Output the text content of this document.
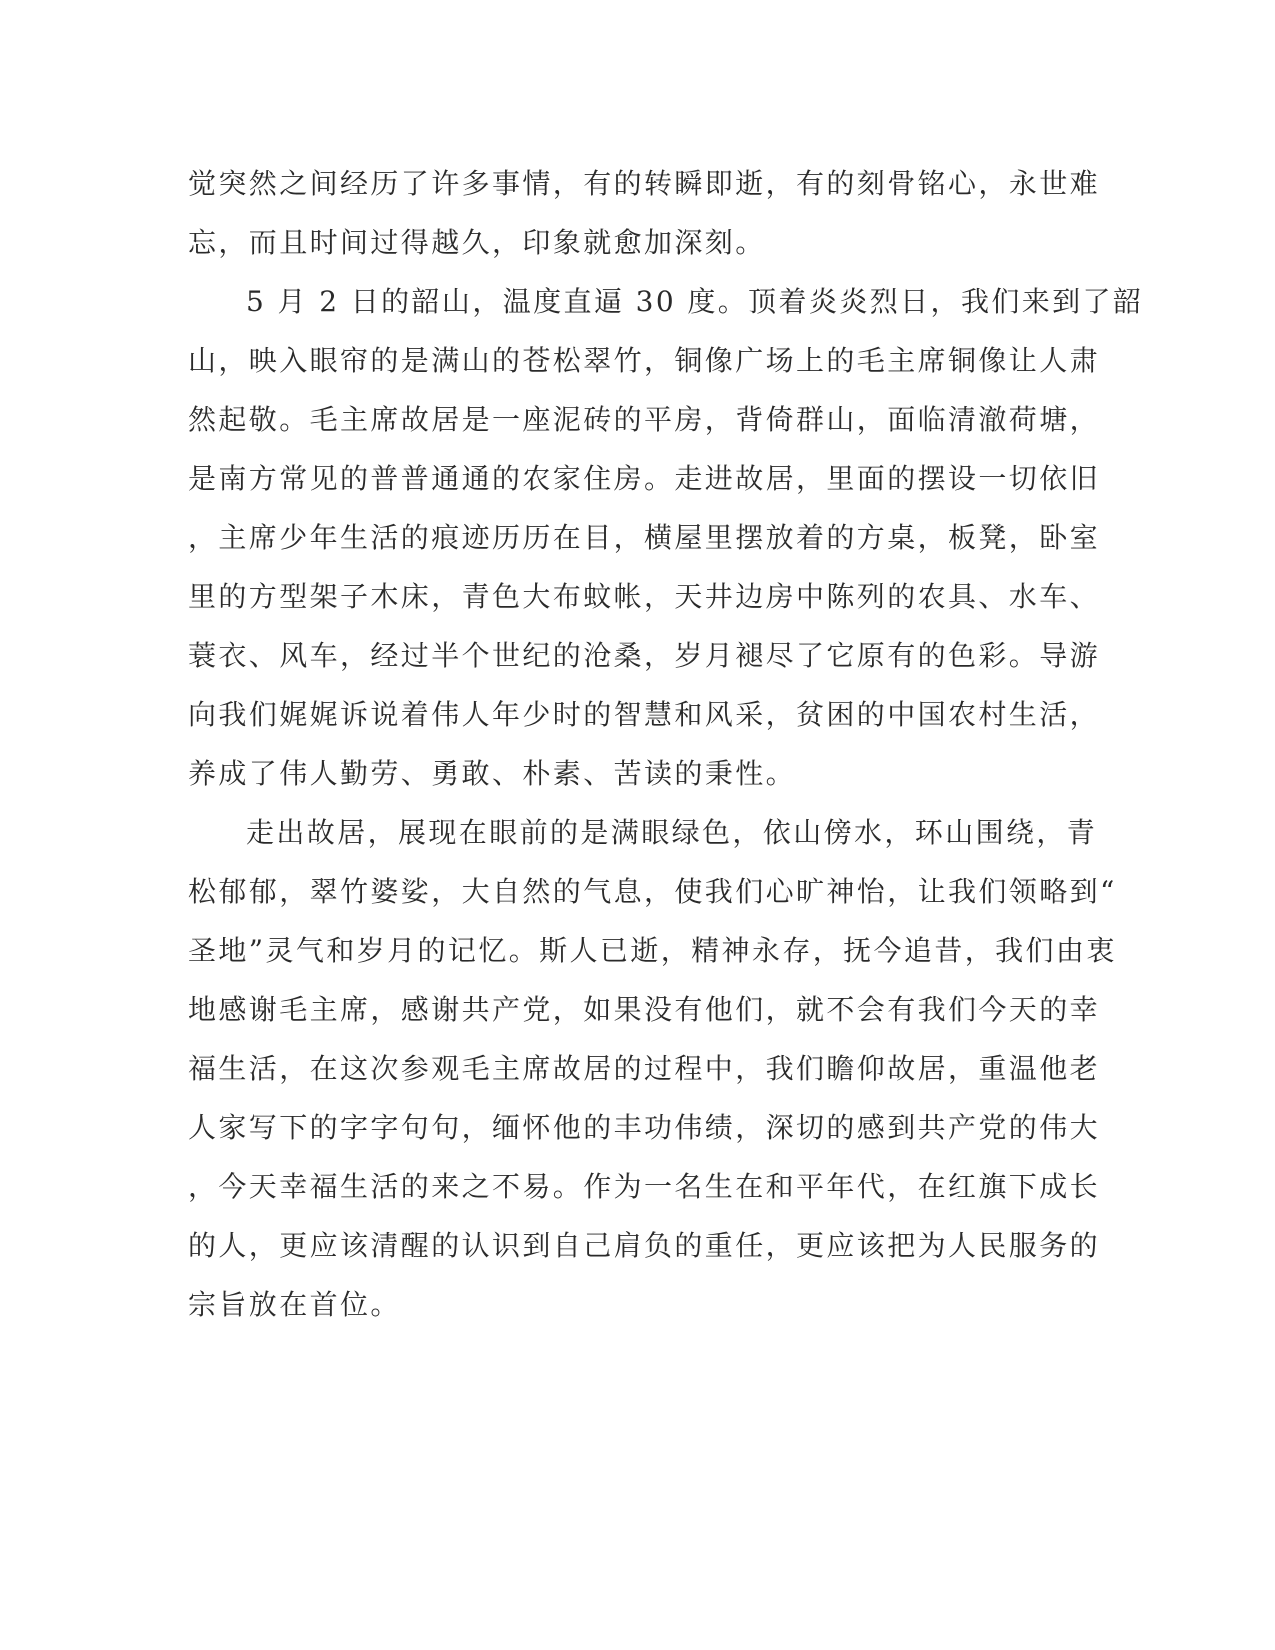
觉突然之间经历了许多事情，有的转瞬即逝，有的刻骨铭心，永世难
忘，而且时间过得越久，印象就愈加深刻。
5 月 2 日的韶山，温度直逼 30 度。顶着炎炎烈日，我们来到了韶
山，映入眼帘的是满山的苍松翠竹，铜像广场上的毛主席铜像让人肃
然起敬。毛主席故居是一座泥砖的平房，背倚群山，面临清澈荷塘，
是南方常见的普普通通的农家住房。走进故居，里面的摆设一切依旧
，主席少年生活的痕迹历历在目，横屋里摆放着的方桌，板凳，卧室
里的方型架子木床，青色大布蚊帐，天井边房中陈列的农具、水车、
蓑衣、风车，经过半个世纪的沧桑，岁月褪尽了它原有的色彩。导游
向我们娓娓诉说着伟人年少时的智慧和风采，贫困的中国农村生活，
养成了伟人勤劳、勇敢、朴素、苦读的秉性。
走出故居，展现在眼前的是满眼绿色，依山傍水，环山围绕，青
松郁郁，翠竹婆娑，大自然的气息，使我们心旷神怡，让我们领略到“
圣地”灵气和岁月的记忆。斯人已逝，精神永存，抚今追昔，我们由衷
地感谢毛主席，感谢共产党，如果没有他们，就不会有我们今天的幸
福生活，在这次参观毛主席故居的过程中，我们瞻仰故居，重温他老
人家写下的字字句句，缅怀他的丰功伟绩，深切的感到共产党的伟大
，今天幸福生活的来之不易。作为一名生在和平年代，在红旗下成长
的人，更应该清醒的认识到自己肩负的重任，更应该把为人民服务的
宗旨放在首位。
